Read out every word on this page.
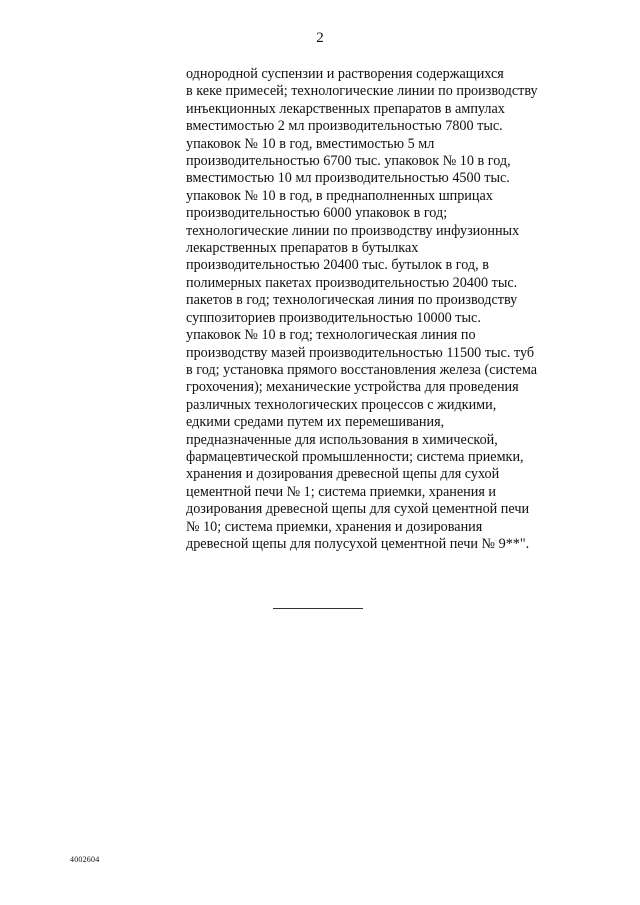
2
однородной суспензии и растворения содержащихся
в кеке примесей; технологические линии по производству
инъекционных лекарственных препаратов в ампулах
вместимостью 2 мл производительностью 7800 тыс.
упаковок № 10 в год, вместимостью 5 мл
производительностью 6700 тыс. упаковок № 10 в год,
вместимостью 10 мл производительностью 4500 тыс.
упаковок № 10 в год, в преднаполненных шприцах
производительностью 6000 упаковок в год;
технологические линии по производству инфузионных
лекарственных препаратов в бутылках
производительностью 20400 тыс. бутылок в год, в
полимерных пакетах производительностью 20400 тыс.
пакетов в год; технологическая линия по производству
суппозиториев производительностью 10000 тыс.
упаковок № 10 в год; технологическая линия по
производству мазей производительностью 11500 тыс. туб
в год; установка прямого восстановления железа (система
грохочения); механические устройства для проведения
различных технологических процессов с жидкими,
едкими средами путем их перемешивания,
предназначенные для использования в химической,
фармацевтической промышленности; система приемки,
хранения и дозирования древесной щепы для сухой
цементной печи № 1; система приемки, хранения и
дозирования древесной щепы для сухой цементной печи
№ 10; система приемки, хранения и дозирования
древесной щепы для полусухой цементной печи № 9**".
4002604
